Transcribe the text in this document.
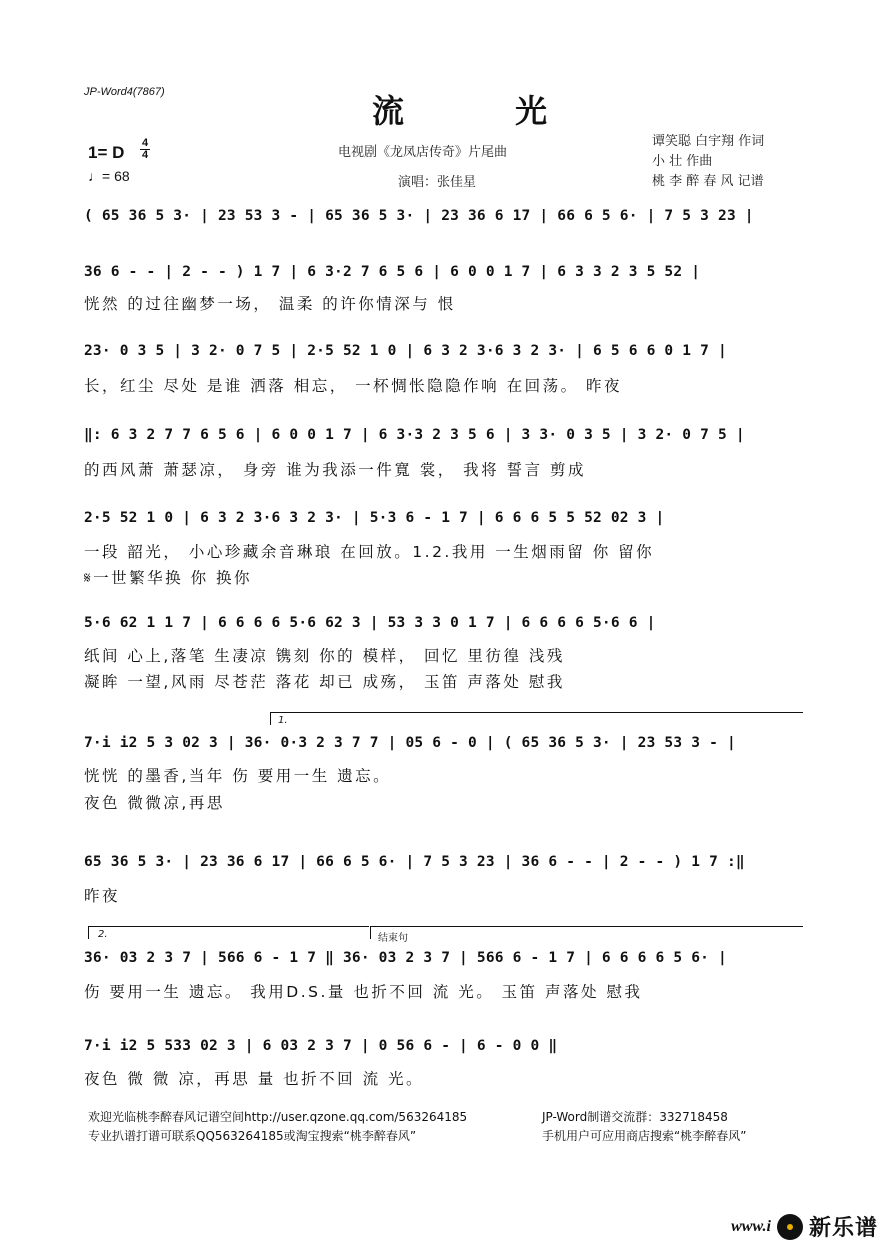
JP-Word4(7867)	流 光
1= D 4
4
♩= 68
电视剧《龙凤店传奇》片尾曲
演唱：张佳星
谭笑聪 白宇翔 作词
小 壮 作曲
桃 李 醉 春 风 记谱
( 65 36 5 3· | 23 53 3 - | 65 36 5 3· | 23 36 6 17 | 66 6 5 6· | 7 5 3 23 |
36 6 - - | 2 - - ) 1 7 | 6 3·2 7 6 5 6 | 6 0 0 1 7 | 6 3 3 2 3 5 52 |
恍然 的过往幽梦一场， 温柔 的许你情深与 恨
23· 0 3 5 | 3 2· 0 7 5 | 2·5 52 1 0 | 6 3 2 3·6 3 2 3· | 6 5 6 6 0 1 7 |
长，红尘 尽处 是谁 洒落 相忘， 一杯惆怅隐隐作响 在回荡。 昨夜
‖: 6 3 2 7 7 6 5 6 | 6 0 0 1 7 | 6 3·3 2 3 5 6 | 3 3· 0 3 5 | 3 2· 0 7 5 |
的西风萧 萧瑟凉， 身旁 谁为我添一件寬 裳， 我将 誓言 剪成
2·5 52 1 0 | 6 3 2 3·6 3 2 3· | 5·3 6 - 1 7 | 6 6 6 5 5 52 02 3 |
一段 韶光， 小心珍藏余音琳琅 在回放。1.2.我用 一生烟雨留 你 留你
𝄋一世繁华换 你 换你
5·6 62 1 1 7 | 6 6 6 6 5·6 62 3 | 53 3 3 0 1 7 | 6 6 6 6 5·6 6 |
纸间 心上,落笔 生凄凉 镌刻 你的 模样， 回忆 里彷徨 浅残
凝眸 一望,风雨 尽苍茫 落花 却已 成殇， 玉笛 声落处 慰我
1.
7·i i2 5 3 02 3 | 36· 0·3 2 3 7 7 | 05 6 - 0 | ( 65 36 5 3· | 23 53 3 - |
恍恍 的墨香,当年 伤 要用一生 遗忘。
夜色 微微凉,再思
65 36 5 3· | 23 36 6 17 | 66 6 5 6· | 7 5 3 23 | 36 6 - - | 2 - - ) 1 7 :‖
昨夜
2.	结束句
36· 03 2 3 7 | 566 6 - 1 7 ‖ 36· 03 2 3 7 | 566 6 - 1 7 | 6 6 6 6 5 6· |
伤 要用一生 遗忘。 我用D.S.量 也折不回 流 光。 玉笛 声落处 慰我
7·i i2 5 533 02 3 | 6 03 2 3 7 | 0 56 6 - | 6 - 0 0 ‖
夜色 微 微 凉，再思 量 也折不回 流 光。
欢迎光临桃李醉春风记谱空间http://user.qzone.qq.com/563264185	JP-Word制谱交流群：332718458
专业扒谱打谱可联系QQ563264185或淘宝搜索“桃李醉春风”	手机用户可应用商店搜索“桃李醉春风”
www.i 新乐谱
